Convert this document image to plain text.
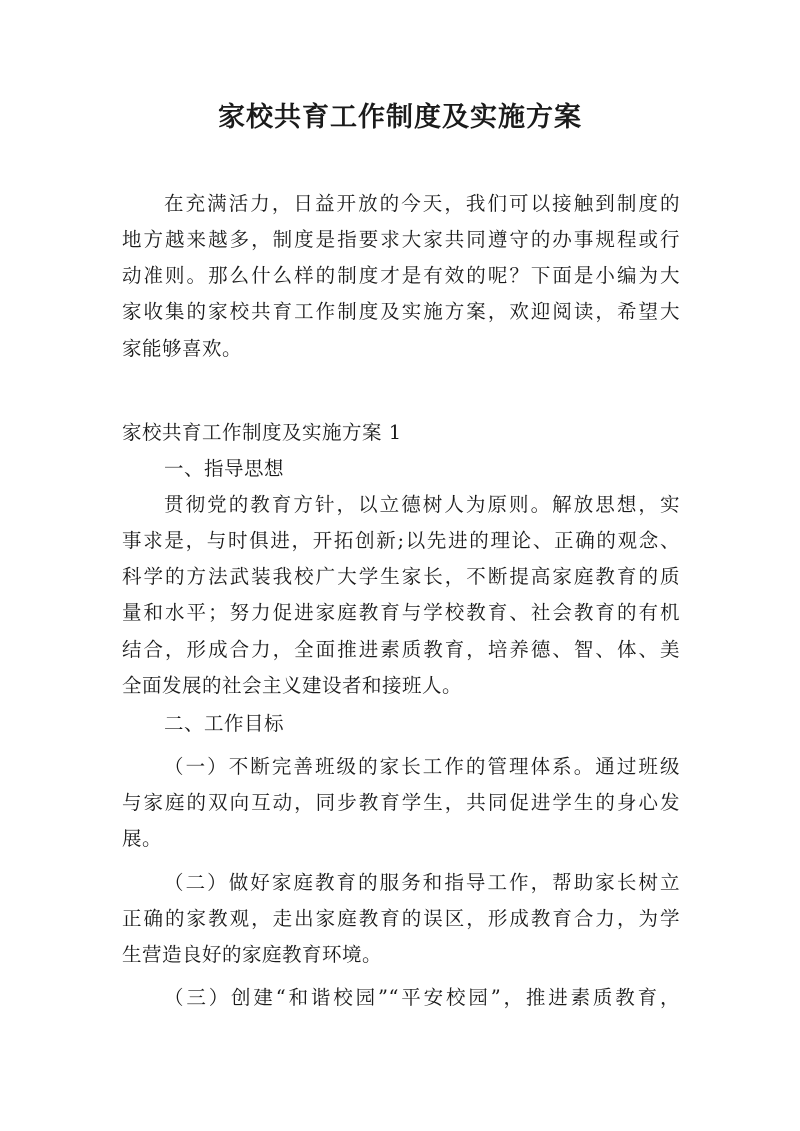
家校共育工作制度及实施方案
在充满活力，日益开放的今天，我们可以接触到制度的
地方越来越多，制度是指要求大家共同遵守的办事规程或行
动准则。那么什么样的制度才是有效的呢？下面是小编为大
家收集的家校共育工作制度及实施方案，欢迎阅读，希望大
家能够喜欢。
家校共育工作制度及实施方案 1
一、指导思想
贯彻党的教育方针，以立德树人为原则。解放思想，实
事求是，与时俱进，开拓创新;以先进的理论、正确的观念、
科学的方法武装我校广大学生家长，不断提高家庭教育的质
量和水平；努力促进家庭教育与学校教育、社会教育的有机
结合，形成合力，全面推进素质教育，培养德、智、体、美
全面发展的社会主义建设者和接班人。
二、工作目标
（一）不断完善班级的家长工作的管理体系。通过班级
与家庭的双向互动，同步教育学生，共同促进学生的身心发
展。
（二）做好家庭教育的服务和指导工作，帮助家长树立
正确的家教观，走出家庭教育的误区，形成教育合力，为学
生营造良好的家庭教育环境。
（三）创建“和谐校园”“平安校园”，推进素质教育，
